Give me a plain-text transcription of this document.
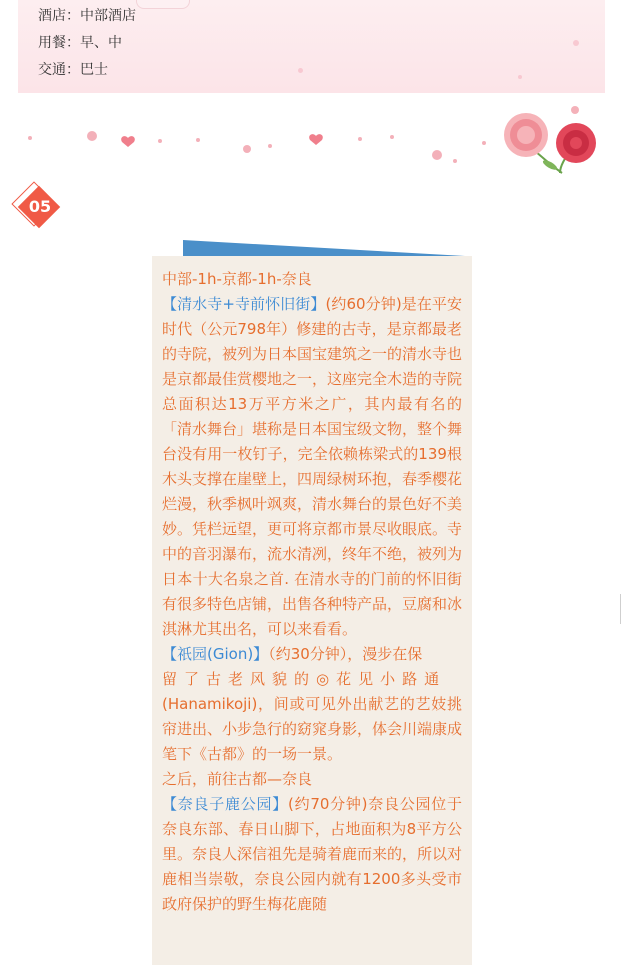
酒店：中部酒店
用餐：早、中
交通：巴士
05

中部-1h-京都-1h-奈良

【清水寺+寺前怀旧街】(约60分钟)是在平安时代（公元798年）修建的古寺，是京都最老的寺院，被列为日本国宝建筑之一的清水寺也是京都最佳赏樱地之一，这座完全木造的寺院总面积达13万平方米之广，其内最有名的「清水舞台」堪称是日本国宝级文物，整个舞台没有用一枚钉子，完全依赖栋梁式的139根木头支撑在崖壁上，四周绿树环抱，春季樱花烂漫，秋季枫叶飒爽，清水舞台的景色好不美妙。凭栏远望，更可将京都市景尽收眼底。寺中的音羽瀑布，流水清冽，终年不绝，被列为日本十大名泉之首. 在清水寺的门前的怀旧街有很多特色店铺，出售各种特产品，豆腐和冰淇淋尤其出名，可以来看看。

【祇园(Gion)】（约30分钟），漫步在保
留了古老风貌的◎花见小路通
(Hanamikoji)，间或可见外出献艺的艺妓挑帘进出、小步急行的窈窕身影，体会川端康成笔下《古都》的一场一景。

之后，前往古都—奈良

【奈良子鹿公园】(约70分钟)奈良公园位于奈良东部、春日山脚下，占地面积为8平方公里。奈良人深信祖先是骑着鹿而来的，所以对鹿相当崇敬，奈良公园内就有1200多头受市政府保护的野生梅花鹿随
